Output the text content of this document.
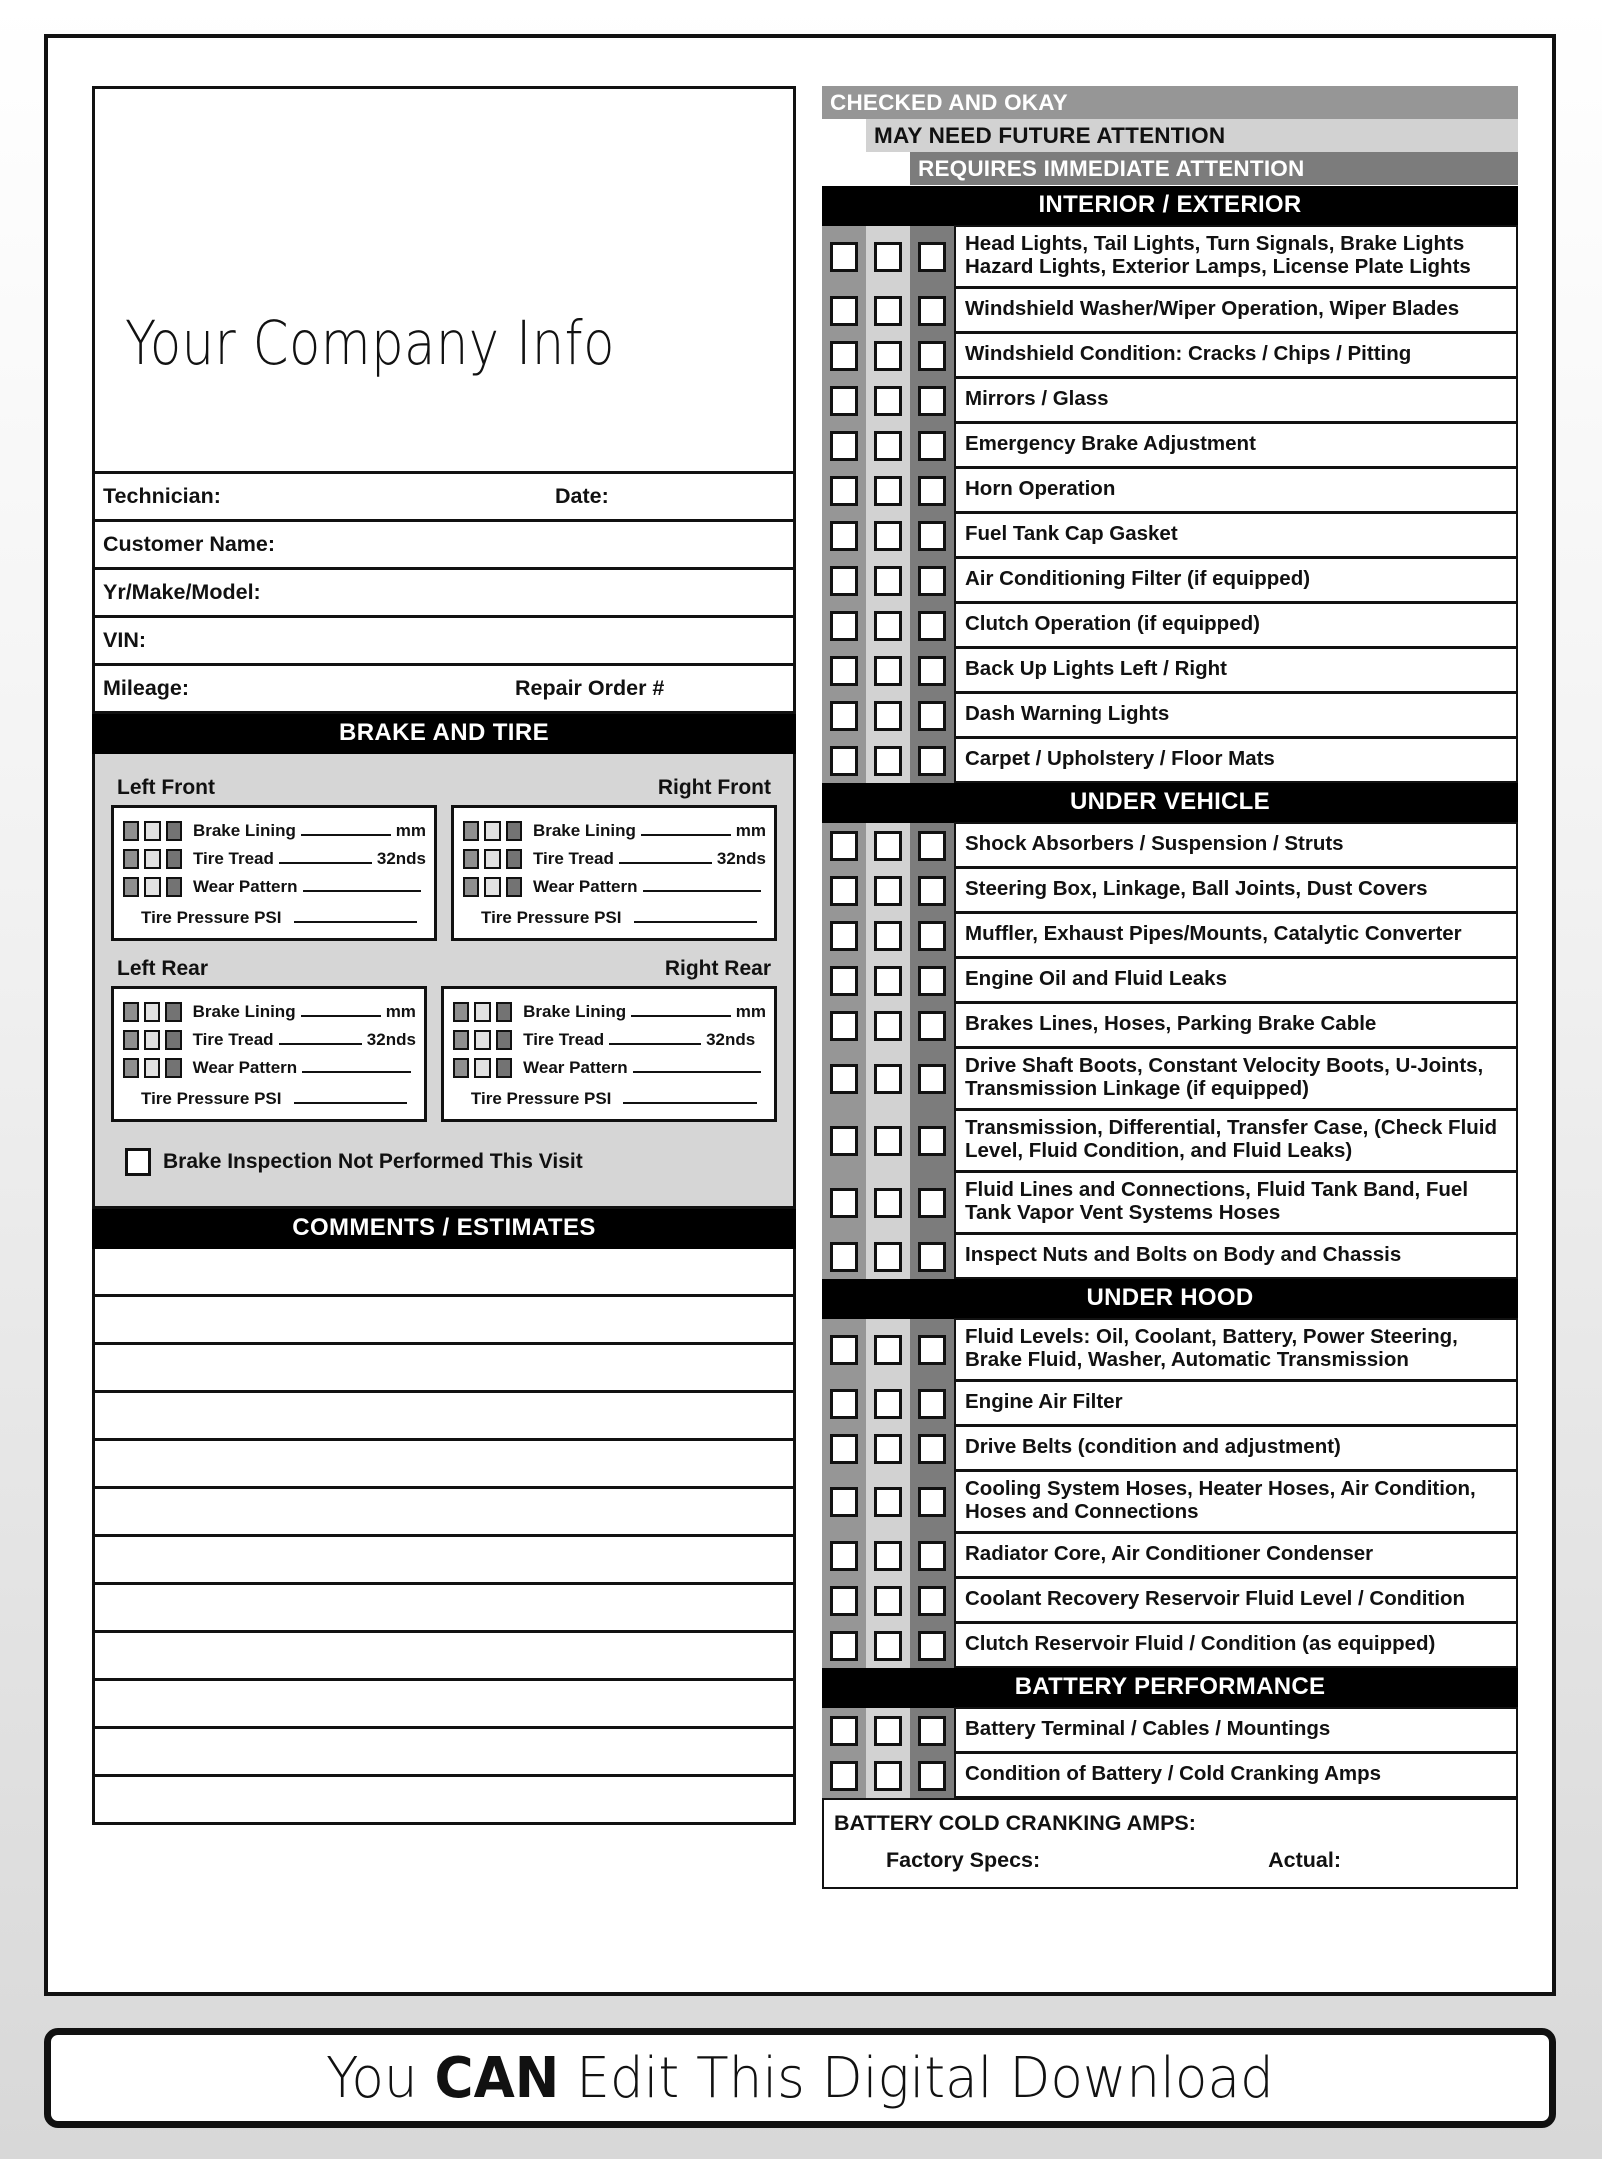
Your Company Info
Technician:	Date:
Customer Name:
Yr/Make/Model:
VIN:
Mileage:	Repair Order #
BRAKE AND TIRE
Left Front	Right Front
Brake Lining	mm
Tire Tread	32nds
Wear Pattern
Tire Pressure PSI
Brake Lining	mm
Tire Tread	32nds
Wear Pattern
Tire Pressure PSI
Left Rear	Right Rear
Brake Lining	mm
Tire Tread	32nds
Wear Pattern
Tire Pressure PSI
Brake Lining	mm
Tire Tread	32nds
Wear Pattern
Tire Pressure PSI
Brake Inspection Not Performed This Visit
COMMENTS / ESTIMATES
CHECKED AND OKAY
MAY NEED FUTURE ATTENTION
REQUIRES IMMEDIATE ATTENTION
INTERIOR / EXTERIOR
Head Lights, Tail Lights, Turn Signals, Brake Lights Hazard Lights, Exterior Lamps, License Plate Lights
Windshield Washer/Wiper Operation, Wiper Blades
Windshield Condition: Cracks / Chips / Pitting
Mirrors / Glass
Emergency Brake Adjustment
Horn Operation
Fuel Tank Cap Gasket
Air Conditioning Filter (if equipped)
Clutch Operation (if equipped)
Back Up Lights Left / Right
Dash Warning Lights
Carpet / Upholstery / Floor Mats
UNDER VEHICLE
Shock Absorbers / Suspension / Struts
Steering Box, Linkage, Ball Joints, Dust Covers
Muffler, Exhaust Pipes/Mounts, Catalytic Converter
Engine Oil and Fluid Leaks
Brakes Lines, Hoses, Parking Brake Cable
Drive Shaft Boots, Constant Velocity Boots, U-Joints, Transmission Linkage (if equipped)
Transmission, Differential, Transfer Case, (Check Fluid Level, Fluid Condition, and Fluid Leaks)
Fluid Lines and Connections, Fluid Tank Band, Fuel Tank Vapor Vent Systems Hoses
Inspect Nuts and Bolts on Body and Chassis
UNDER HOOD
Fluid Levels: Oil, Coolant, Battery, Power Steering, Brake Fluid, Washer, Automatic Transmission
Engine Air Filter
Drive Belts (condition and adjustment)
Cooling System Hoses, Heater Hoses, Air Condition, Hoses and Connections
Radiator Core, Air Conditioner Condenser
Coolant Recovery Reservoir Fluid Level / Condition
Clutch Reservoir Fluid / Condition (as equipped)
BATTERY PERFORMANCE
Battery Terminal / Cables / Mountings
Condition of Battery / Cold Cranking Amps
BATTERY COLD CRANKING AMPS:
Factory Specs:	Actual:
You CAN Edit This Digital Download
